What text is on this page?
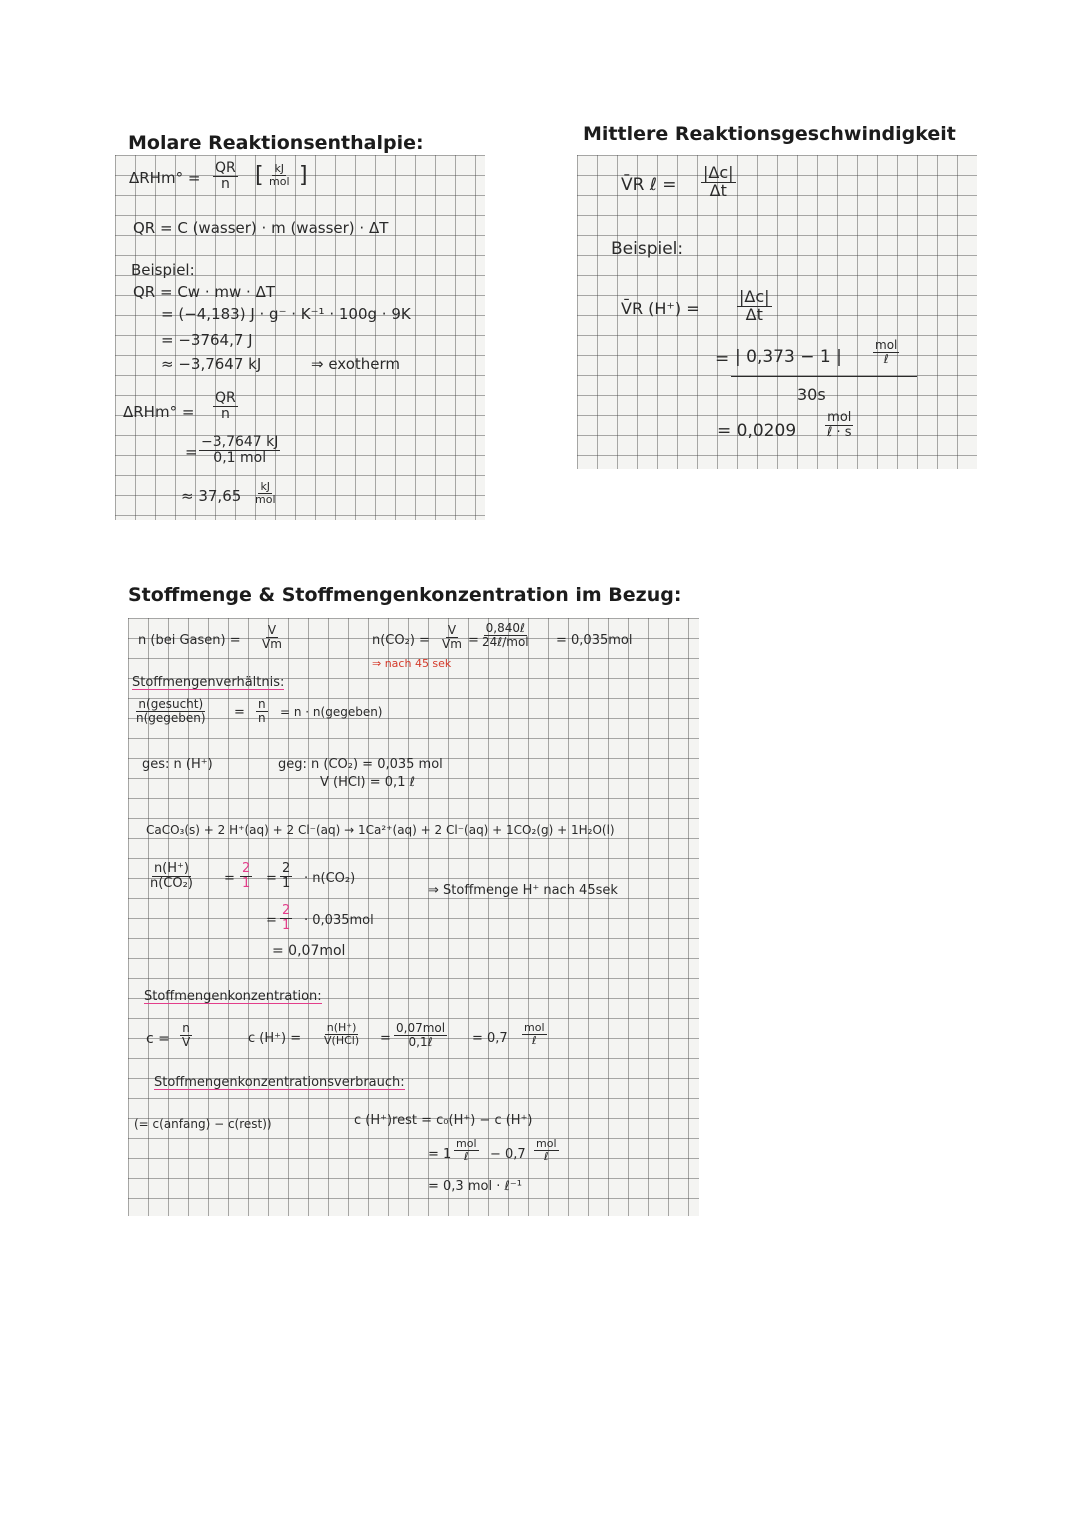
Molare Reaktionsenthalpie:
$\Delta RHm^\circ = \frac{QR}{n}$ [ kJ
mol ]
QR = C (wasser) · m (wasser) · ΔT
Beispiel:
QR = Cw · mw · ΔT
= (−4,183) J · g⁻ · K⁻¹ · 100g · 9K
= −3764,7 J
≈ −3,7647 kJ	⇒ exotherm
$\Delta RHm^\circ = \frac{QR}{n}$
=
−3,7647 kJ
0,1 mol
≈ 37,65
kJ
mol
Mittlere Reaktionsgeschwindigkeit
V̄R ℓ = $\frac{|\Delta c|}{\Delta t}$
Beispiel:
V̄R $(H^+) = \frac{|\Delta c|}{\Delta t}$
= | 0,373 − 1 |
mol
ℓ
30s
= 0,0209
mol
ℓ · s
Stoffmenge & Stoffmengenkonzentration im Bezug:
n (bei Gasen) = $\frac{V}{Vm}$	$n(CO_2) = \frac{V}{Vm}$ =
0,840ℓ
24ℓ/mol = 0,035mol
⇒ nach 45 sek
Stoffmengenverhältnis:
n(gesucht)
n(gegeben) = $\frac{n}{n} = n$ · n(gegeben)
ges: n (H⁺)	geg: n (CO₂) = 0,035 mol
V (HCl) = 0,1 ℓ
CaCO₃(s) + 2 H⁺(aq) + 2 Cl⁻(aq) → 1Ca²⁺(aq) + 2 Cl⁻(aq) + 1CO₂(g) + 1H₂O(l)
$\frac{n(H^+)}{\text{n(CO₂)}} = \frac{2}{1} = \frac{2}{1} \cdot n(CO_2)$
⇒ Stoffmenge H⁺ nach 45sek
= $\frac{2}{1} \cdot 0,035mol$
= 0,07mol
Stoffmengenkonzentration:
$c = \frac{n}{V}$	c (H⁺) =
n(H⁺)
V(HCl) =
0,07mol
0,1ℓ	= 0,7
mol
ℓ
Stoffmengenkonzentrationsverbrauch:
(= c(anfang) − c(rest))	c (H⁺)rest = c₀(H⁺) − c (H⁺)
= 1
mol
ℓ − 0,7
mol
ℓ
= 0,3 mol · ℓ⁻¹
